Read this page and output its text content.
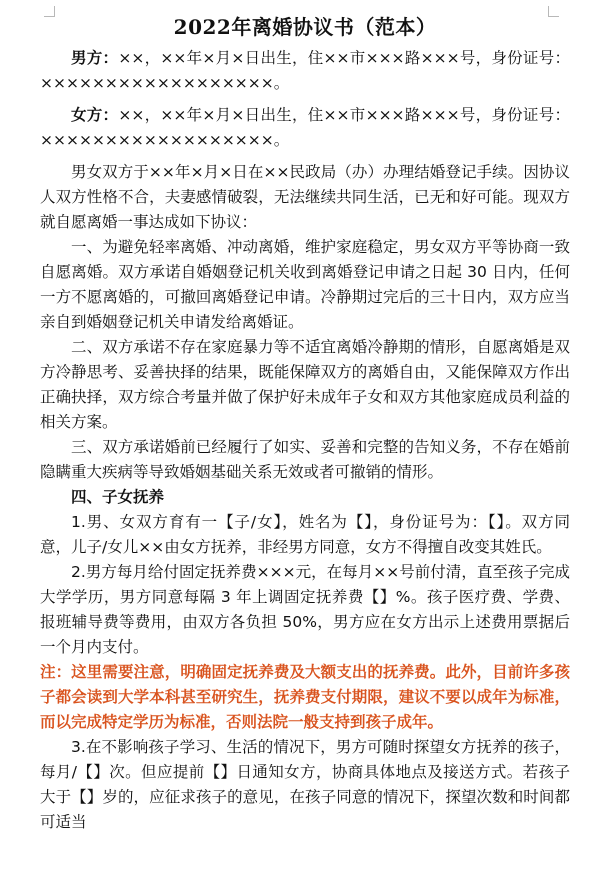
2022年离婚协议书（范本）

男方：××，××年×月×日出生，住××市×××路×××号，身份证号：××××××××××××××××××。

女方：××，××年×月×日出生，住××市×××路×××号，身份证号：××××××××××××××××××。

男女双方于××年×月×日在××民政局（办）办理结婚登记手续。因协议人双方性格不合，夫妻感情破裂，无法继续共同生活，已无和好可能。现双方就自愿离婚一事达成如下协议：

一、为避免轻率离婚、冲动离婚，维护家庭稳定，男女双方平等协商一致自愿离婚。双方承诺自婚姻登记机关收到离婚登记申请之日起 30 日内，任何一方不愿离婚的，可撤回离婚登记申请。冷静期过完后的三十日内，双方应当亲自到婚姻登记机关申请发给离婚证。

二、双方承诺不存在家庭暴力等不适宜离婚冷静期的情形，自愿离婚是双方冷静思考、妥善抉择的结果，既能保障双方的离婚自由，又能保障双方作出正确抉择，双方综合考量并做了保护好未成年子女和双方其他家庭成员利益的相关方案。

三、双方承诺婚前已经履行了如实、妥善和完整的告知义务，不存在婚前隐瞒重大疾病等导致婚姻基础关系无效或者可撤销的情形。

四、子女抚养

1.男、女双方育有一【子/女】，姓名为【】，身份证号为：【】。双方同意，儿子/女儿××由女方抚养，非经男方同意，女方不得擅自改变其姓氏。

2.男方每月给付固定抚养费×××元，在每月××号前付清，直至孩子完成大学学历，男方同意每隔 3 年上调固定抚养费【】%。孩子医疗费、学费、报班辅导费等费用，由双方各负担 50%，男方应在女方出示上述费用票据后一个月内支付。

注：这里需要注意，明确固定抚养费及大额支出的抚养费。此外，目前许多孩子都会读到大学本科甚至研究生，抚养费支付期限，建议不要以成年为标准，而以完成特定学历为标准，否则法院一般支持到孩子成年。

3.在不影响孩子学习、生活的情况下，男方可随时探望女方抚养的孩子，每月/【】次。但应提前【】日通知女方，协商具体地点及接送方式。若孩子大于【】岁的，应征求孩子的意见，在孩子同意的情况下，探望次数和时间都可适当
